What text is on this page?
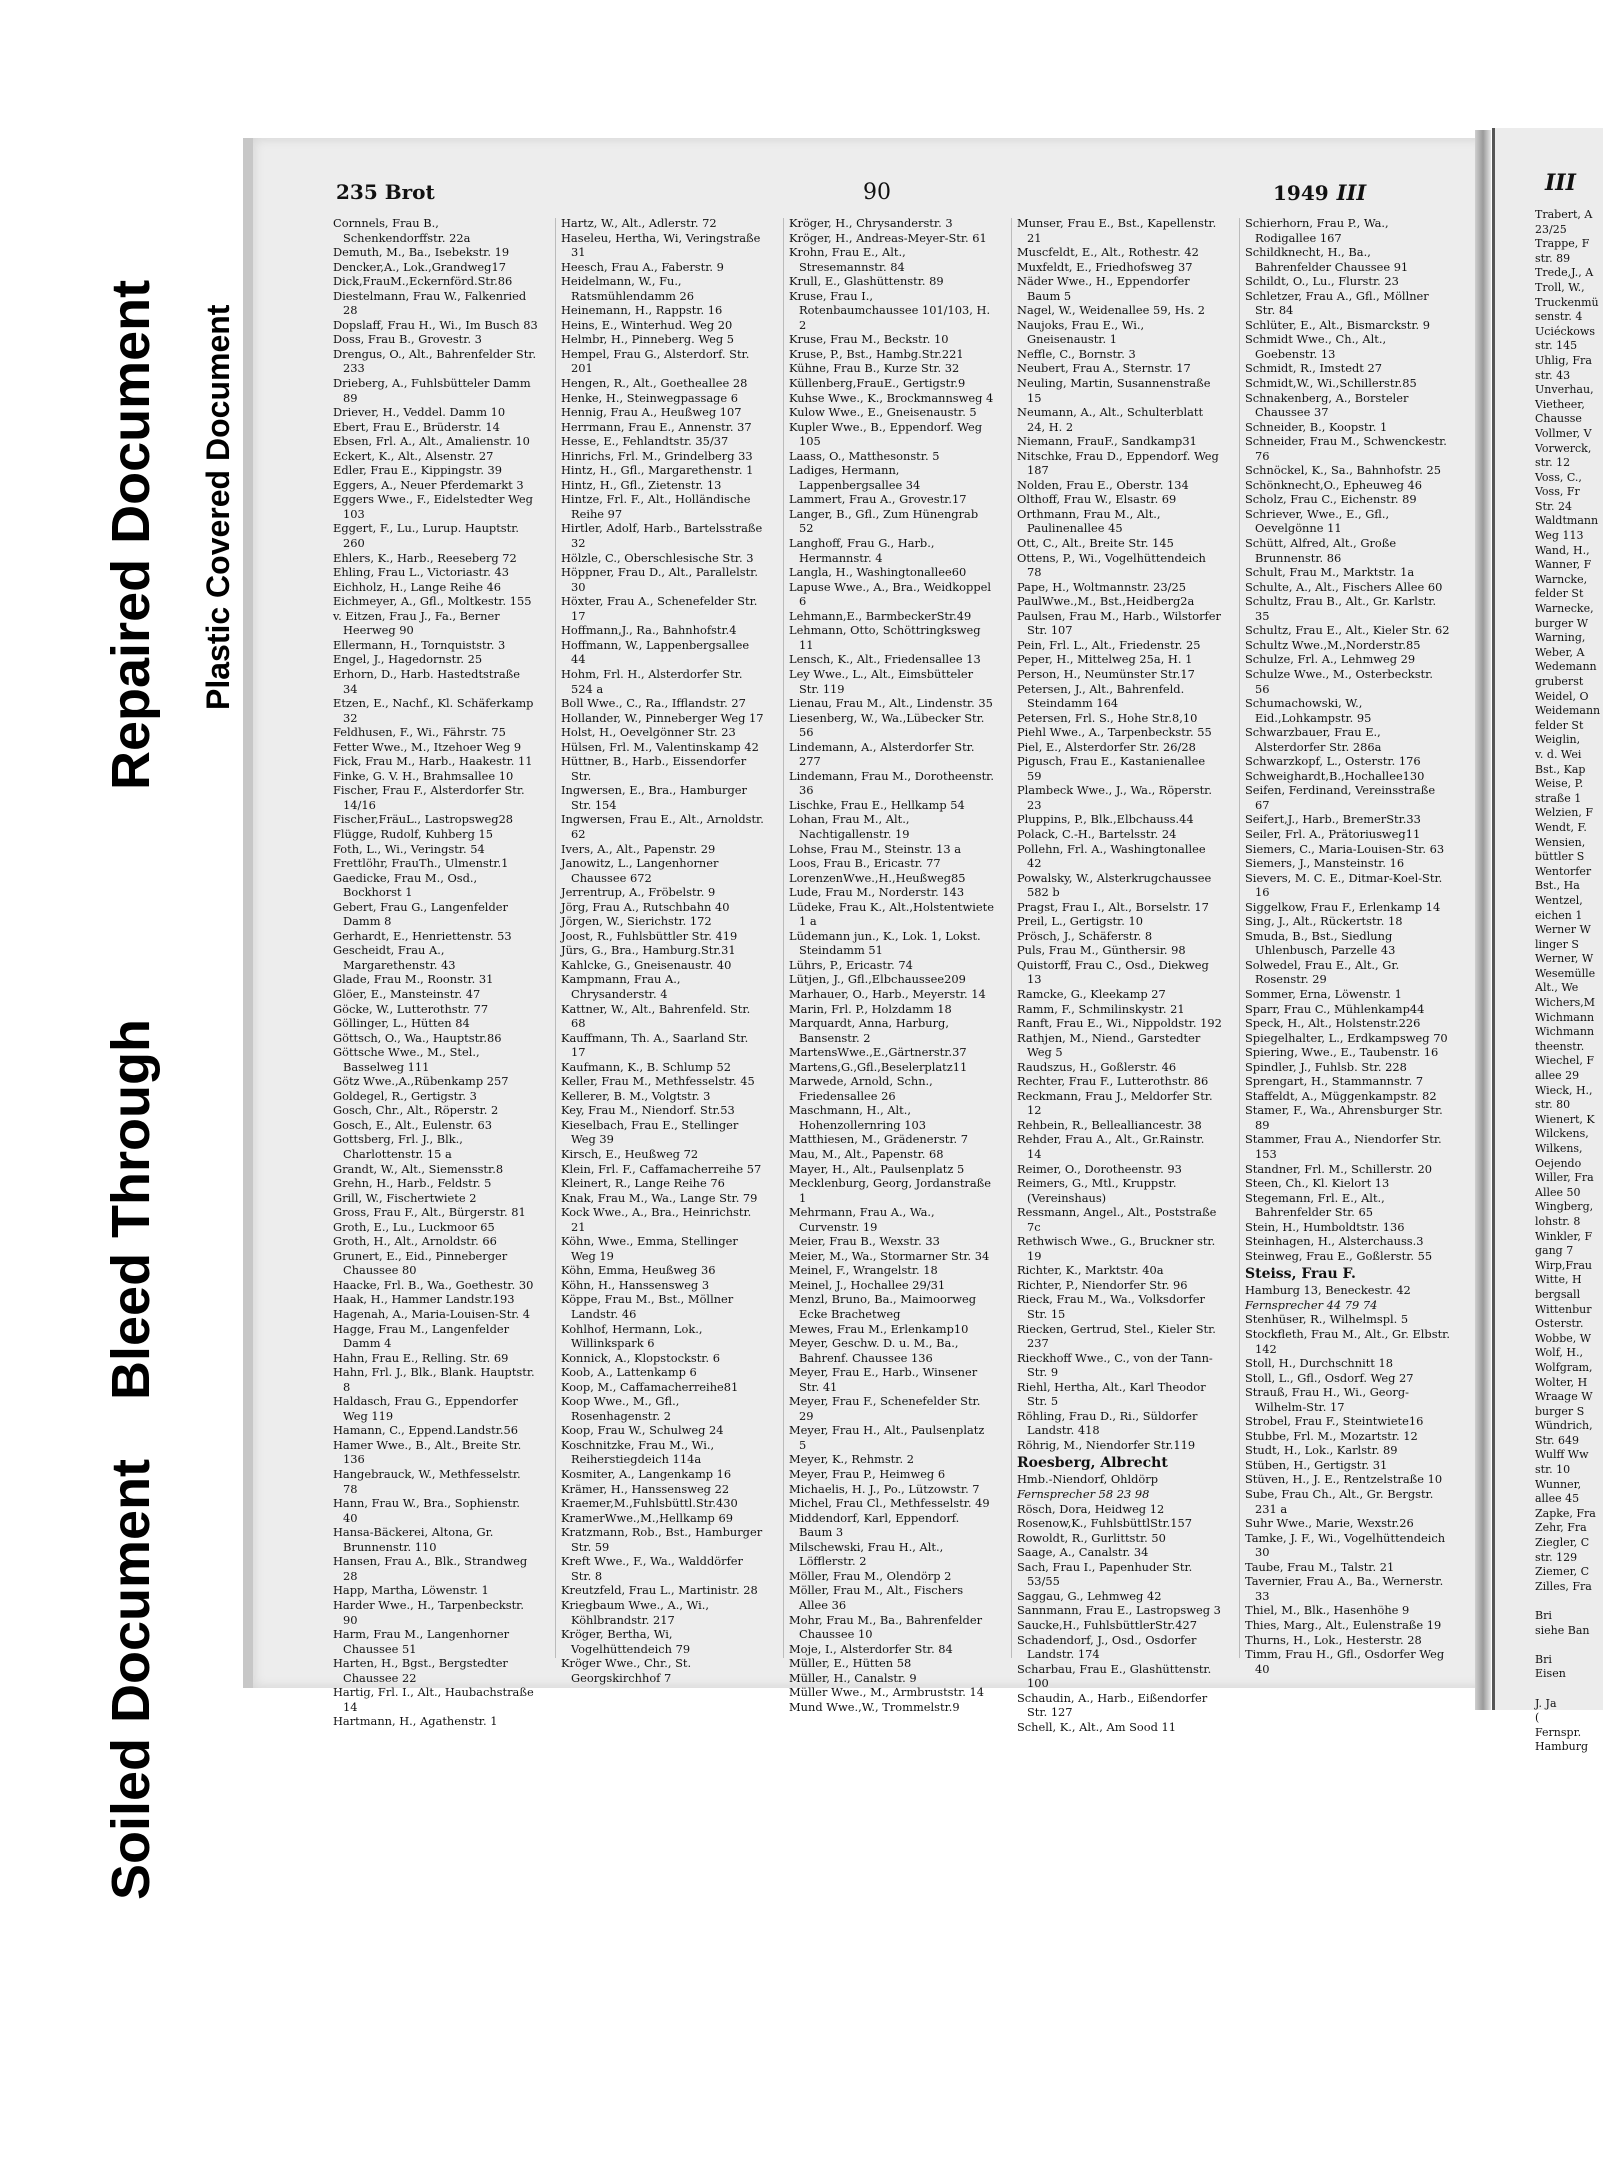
Bleed Through
Repaired Document Plastic Covered Document
Soiled Document
235 Brot	90	1949 III
Cornnels, Frau B., Schenkendorffstr. 22a
Demuth, M., Ba., Isebekstr. 19
Dencker,A., Lok.,Grandweg17
Dick,FrauM.,Eckernförd.Str.86
Diestelmann, Frau W., Falkenried 28
Dopslaff, Frau H., Wi., Im Busch 83
Doss, Frau B., Grovestr. 3
Drengus, O., Alt., Bahrenfelder Str. 233
Drieberg, A., Fuhlsbütteler Damm 89
Driever, H., Veddel. Damm 10
Ebert, Frau E., Brüderstr. 14
Ebsen, Frl. A., Alt., Amalienstr. 10
Eckert, K., Alt., Alsenstr. 27
Edler, Frau E., Kippingstr. 39
Eggers, A., Neuer Pferdemarkt 3
Eggers Wwe., F., Eidelstedter Weg 103
Eggert, F., Lu., Lurup. Hauptstr. 260
Ehlers, K., Harb., Reeseberg 72
Ehling, Frau L., Victoriastr. 43
Eichholz, H., Lange Reihe 46
Eichmeyer, A., Gfl., Moltkestr. 155
v. Eitzen, Frau J., Fa., Berner Heerweg 90
Ellermann, H., Tornquiststr. 3
Engel, J., Hagedornstr. 25
Erhorn, D., Harb. Hastedtstraße 34
Etzen, E., Nachf., Kl. Schäferkamp 32
Feldhusen, F., Wi., Fährstr. 75
Fetter Wwe., M., Itzehoer Weg 9
Fick, Frau M., Harb., Haakestr. 11
Finke, G. V. H., Brahmsallee 10
Fischer, Frau F., Alsterdorfer Str. 14/16
Fischer,FräuL., Lastropsweg28
Flügge, Rudolf, Kuhberg 15
Foth, L., Wi., Veringstr. 54
Frettlöhr, FrauTh., Ulmenstr.1
Gaedicke, Frau M., Osd., Bockhorst 1
Gebert, Frau G., Langenfelder Damm 8
Gerhardt, E., Henriettenstr. 53
Gescheidt, Frau A., Margarethenstr. 43
Glade, Frau M., Roonstr. 31
Glöer, E., Mansteinstr. 47
Göcke, W., Lutterothstr. 77
Göllinger, L., Hütten 84
Göttsch, O., Wa., Hauptstr.86
Göttsche Wwe., M., Stel., Basselweg 111
Götz Wwe.,A.,Rübenkamp 257
Goldegel, R., Gertigstr. 3
Gosch, Chr., Alt., Röperstr. 2
Gosch, E., Alt., Eulenstr. 63
Gottsberg, Frl. J., Blk., Charlottenstr. 15 a
Grandt, W., Alt., Siemensstr.8
Grehn, H., Harb., Feldstr. 5
Grill, W., Fischertwiete 2
Gross, Frau F., Alt., Bürgerstr. 81
Groth, E., Lu., Luckmoor 65
Groth, H., Alt., Arnoldstr. 66
Grunert, E., Eid., Pinneberger Chaussee 80
Haacke, Frl. B., Wa., Goethestr. 30
Haak, H., Hammer Landstr.193
Hagenah, A., Maria-Louisen-Str. 4
Hagge, Frau M., Langenfelder Damm 4
Hahn, Frau E., Relling. Str. 69
Hahn, Frl. J., Blk., Blank. Hauptstr. 8
Haldasch, Frau G., Eppendorfer Weg 119
Hamann, C., Eppend.Landstr.56
Hamer Wwe., B., Alt., Breite Str. 136
Hangebrauck, W., Methfesselstr. 78
Hann, Frau W., Bra., Sophienstr. 40
Hansa-Bäckerei, Altona, Gr. Brunnenstr. 110
Hansen, Frau A., Blk., Strandweg 28
Happ, Martha, Löwenstr. 1
Harder Wwe., H., Tarpenbeckstr. 90
Harm, Frau M., Langenhorner Chaussee 51
Harten, H., Bgst., Bergstedter Chaussee 22
Hartig, Frl. I., Alt., Haubachstraße 14
Hartmann, H., Agathenstr. 1
Hartz, W., Alt., Adlerstr. 72
Haseleu, Hertha, Wi, Veringstraße 31
Heesch, Frau A., Faberstr. 9
Heidelmann, W., Fu., Ratsmühlendamm 26
Heinemann, H., Rappstr. 16
Heins, E., Winterhud. Weg 20
Helmbr, H., Pinneberg. Weg 5
Hempel, Frau G., Alsterdorf. Str. 201
Hengen, R., Alt., Goetheallee 28
Henke, H., Steinwegpassage 6
Hennig, Frau A., Heußweg 107
Herrmann, Frau E., Annenstr. 37
Hesse, E., Fehlandtstr. 35/37
Hinrichs, Frl. M., Grindelberg 33
Hintz, H., Gfl., Margarethenstr. 1
Hintz, H., Gfl., Zietenstr. 13
Hintze, Frl. F., Alt., Holländische Reihe 97
Hirtler, Adolf, Harb., Bartelsstraße 32
Hölzle, C., Oberschlesische Str. 3
Höppner, Frau D., Alt., Parallelstr. 30
Höxter, Frau A., Schenefelder Str. 17
Hoffmann,J., Ra., Bahnhofstr.4
Hoffmann, W., Lappenbergsallee 44
Hohm, Frl. H., Alsterdorfer Str. 524 a
Boll Wwe., C., Ra., Ifflandstr. 27
Hollander, W., Pinneberger Weg 17
Holst, H., Oevelgönner Str. 23
Hülsen, Frl. M., Valentinskamp 42
Hüttner, B., Harb., Eissendorfer Str.
Ingwersen, E., Bra., Hamburger Str. 154
Ingwersen, Frau E., Alt., Arnoldstr. 62
Ivers, A., Alt., Papenstr. 29
Janowitz, L., Langenhorner Chaussee 672
Jerrentrup, A., Fröbelstr. 9
Jörg, Frau A., Rutschbahn 40
Jörgen, W., Sierichstr. 172
Joost, R., Fuhlsbüttler Str. 419
Jürs, G., Bra., Hamburg.Str.31
Kahlcke, G., Gneisenaustr. 40
Kampmann, Frau A., Chrysanderstr. 4
Kattner, W., Alt., Bahrenfeld. Str. 68
Kauffmann, Th. A., Saarland Str. 17
Kaufmann, K., B. Schlump 52
Keller, Frau M., Methfesselstr. 45
Kellerer, B. M., Volgtstr. 3
Key, Frau M., Niendorf. Str.53
Kieselbach, Frau E., Stellinger Weg 39
Kirsch, E., Heußweg 72
Klein, Frl. F., Caffamacherreihe 57
Kleinert, R., Lange Reihe 76
Knak, Frau M., Wa., Lange Str. 79
Kock Wwe., A., Bra., Heinrichstr. 21
Köhn, Wwe., Emma, Stellinger Weg 19
Köhn, Emma, Heußweg 36
Köhn, H., Hanssensweg 3
Köppe, Frau M., Bst., Möllner Landstr. 46
Kohlhof, Hermann, Lok., Willinkspark 6
Konnick, A., Klopstockstr. 6
Koob, A., Lattenkamp 6
Koop, M., Caffamacherreihe81
Koop Wwe., M., Gfl., Rosenhagenstr. 2
Koop, Frau W., Schulweg 24
Koschnitzke, Frau M., Wi., Reiherstiegdeich 114a
Kosmiter, A., Langenkamp 16
Krämer, H., Hanssensweg 22
Kraemer,M.,Fuhlsbüttl.Str.430
KramerWwe.,M.,Hellkamp 69
Kratzmann, Rob., Bst., Hamburger Str. 59
Kreft Wwe., F., Wa., Walddörfer Str. 8
Kreutzfeld, Frau L., Martinistr. 28
Kriegbaum Wwe., A., Wi., Köhlbrandstr. 217
Kröger, Bertha, Wi, Vogelhüttendeich 79
Kröger Wwe., Chr., St. Georgskirchhof 7
Kröger, H., Chrysanderstr. 3
Kröger, H., Andreas-Meyer-Str. 61
Krohn, Frau E., Alt., Stresemannstr. 84
Krull, E., Glashüttenstr. 89
Kruse, Frau I., Rotenbaumchaussee 101/103, H. 2
Kruse, Frau M., Beckstr. 10
Kruse, P., Bst., Hambg.Str.221
Kühne, Frau B., Kurze Str. 32
Küllenberg,FrauE., Gertigstr.9
Kuhse Wwe., K., Brockmannsweg 4
Kulow Wwe., E., Gneisenaustr. 5
Kupler Wwe., B., Eppendorf. Weg 105
Laass, O., Matthesonstr. 5
Ladiges, Hermann, Lappenbergsallee 34
Lammert, Frau A., Grovestr.17
Langer, B., Gfl., Zum Hünengrab 52
Langhoff, Frau G., Harb., Hermannstr. 4
Langla, H., Washingtonallee60
Lapuse Wwe., A., Bra., Weidkoppel 6
Lehmann,E., BarmbeckerStr.49
Lehmann, Otto, Schöttringksweg 11
Lensch, K., Alt., Friedensallee 13
Ley Wwe., L., Alt., Eimsbütteler Str. 119
Lienau, Frau M., Alt., Lindenstr. 35
Liesenberg, W., Wa.,Lübecker Str. 56
Lindemann, A., Alsterdorfer Str. 277
Lindemann, Frau M., Dorotheenstr. 36
Lischke, Frau E., Hellkamp 54
Lohan, Frau M., Alt., Nachtigallenstr. 19
Lohse, Frau M., Steinstr. 13 a
Loos, Frau B., Ericastr. 77
LorenzenWwe.,H.,Heußweg85
Lude, Frau M., Norderstr. 143
Lüdeke, Frau K., Alt.,Holstentwiete 1 a
Lüdemann jun., K., Lok. 1, Lokst. Steindamm 51
Lührs, P., Ericastr. 74
Lütjen, J., Gfl.,Elbchaussee209
Marhauer, O., Harb., Meyerstr. 14
Marin, Frl. P., Holzdamm 18
Marquardt, Anna, Harburg, Bansenstr. 2
MartensWwe.,E.,Gärtnerstr.37
Martens,G.,Gfl.,Beselerplatz11
Marwede, Arnold, Schn., Friedensallee 26
Maschmann, H., Alt., Hohenzollernring 103
Matthiesen, M., Grädenerstr. 7
Mau, M., Alt., Papenstr. 68
Mayer, H., Alt., Paulsenplatz 5
Mecklenburg, Georg, Jordanstraße 1
Mehrmann, Frau A., Wa., Curvenstr. 19
Meier, Frau B., Wexstr. 33
Meier, M., Wa., Stormarner Str. 34
Meinel, F., Wrangelstr. 18
Meinel, J., Hochallee 29/31
Menzl, Bruno, Ba., Maimoorweg Ecke Brachetweg
Mewes, Frau M., Erlenkamp10
Meyer, Geschw. D. u. M., Ba., Bahrenf. Chaussee 136
Meyer, Frau E., Harb., Winsener Str. 41
Meyer, Frau F., Schenefelder Str. 29
Meyer, Frau H., Alt., Paulsenplatz 5
Meyer, K., Rehmstr. 2
Meyer, Frau P., Heimweg 6
Michaelis, H. J., Po., Lützowstr. 7
Michel, Frau Cl., Methfesselstr. 49
Middendorf, Karl, Eppendorf. Baum 3
Milschewski, Frau H., Alt., Löfflerstr. 2
Möller, Frau M., Olendörp 2
Möller, Frau M., Alt., Fischers Allee 36
Mohr, Frau M., Ba., Bahrenfelder Chaussee 10
Moje, I., Alsterdorfer Str. 84
Müller, E., Hütten 58
Müller, H., Canalstr. 9
Müller Wwe., M., Armbruststr. 14
Mund Wwe.,W., Trommelstr.9
Munser, Frau E., Bst., Kapellenstr. 21
Muscfeldt, E., Alt., Rothestr. 42
Muxfeldt, E., Friedhofsweg 37
Näder Wwe., H., Eppendorfer Baum 5
Nagel, W., Weidenallee 59, Hs. 2
Naujoks, Frau E., Wi., Gneisenaustr. 1
Neffle, C., Bornstr. 3
Neubert, Frau A., Sternstr. 17
Neuling, Martin, Susannenstraße 15
Neumann, A., Alt., Schulterblatt 24, H. 2
Niemann, FrauF., Sandkamp31
Nitschke, Frau D., Eppendorf. Weg 187
Nolden, Frau E., Oberstr. 134
Olthoff, Frau W., Elsastr. 69
Orthmann, Frau M., Alt., Paulinenallee 45
Ott, C., Alt., Breite Str. 145
Ottens, P., Wi., Vogelhüttendeich 78
Pape, H., Woltmannstr. 23/25
PaulWwe.,M., Bst.,Heidberg2a
Paulsen, Frau M., Harb., Wilstorfer Str. 107
Pein, Frl. L., Alt., Friedenstr. 25
Peper, H., Mittelweg 25a, H. 1
Person, H., Neumünster Str.17
Petersen, J., Alt., Bahrenfeld. Steindamm 164
Petersen, Frl. S., Hohe Str.8,10
Piehl Wwe., A., Tarpenbeckstr. 55
Piel, E., Alsterdorfer Str. 26/28
Pigusch, Frau E., Kastanienallee 59
Plambeck Wwe., J., Wa., Röperstr. 23
Pluppins, P., Blk.,Elbchauss.44
Polack, C.-H., Bartelsstr. 24
Pollehn, Frl. A., Washingtonallee 42
Powalsky, W., Alsterkrugchaussee 582 b
Pragst, Frau I., Alt., Borselstr. 17
Preil, L., Gertigstr. 10
Prösch, J., Schäferstr. 8
Puls, Frau M., Günthersir. 98
Quistorff, Frau C., Osd., Diekweg 13
Ramcke, G., Kleekamp 27
Ramm, F., Schmilinskystr. 21
Ranft, Frau E., Wi., Nippoldstr. 192
Rathjen, M., Niend., Garstedter Weg 5
Raudszus, H., Goßlerstr. 46
Rechter, Frau F., Lutterothstr. 86
Reckmann, Frau J., Meldorfer Str. 12
Rehbein, R., Bellealliancestr. 38
Rehder, Frau A., Alt., Gr.Rainstr. 14
Reimer, O., Dorotheenstr. 93
Reimers, G., Mtl., Kruppstr. (Vereinshaus)
Ressmann, Angel., Alt., Poststraße 7c
Rethwisch Wwe., G., Bruckner str. 19
Richter, K., Marktstr. 40a
Richter, P., Niendorfer Str. 96
Rieck, Frau M., Wa., Volksdorfer Str. 15
Riecken, Gertrud, Stel., Kieler Str. 237
Rieckhoff Wwe., C., von der Tann-Str. 9
Riehl, Hertha, Alt., Karl Theodor Str. 5
Röhling, Frau D., Ri., Süldorfer Landstr. 418
Röhrig, M., Niendorfer Str.119
Roesberg, Albrecht
Hmb.-Niendorf, Ohldörp
Fernsprecher 58 23 98
Rösch, Dora, Heidweg 12
Rosenow,K., FuhlsbüttlStr.157
Rowoldt, R., Gurlittstr. 50
Saage, A., Canalstr. 34
Sach, Frau I., Papenhuder Str. 53/55
Saggau, G., Lehmweg 42
Sannmann, Frau E., Lastropsweg 3
Saucke,H., FuhlsbüttlerStr.427
Schadendorf, J., Osd., Osdorfer Landstr. 174
Scharbau, Frau E., Glashüttenstr. 100
Schaudin, A., Harb., Eißendorfer Str. 127
Schell, K., Alt., Am Sood 11
Schierhorn, Frau P., Wa., Rodigallee 167
Schildknecht, H., Ba., Bahrenfelder Chaussee 91
Schildt, O., Lu., Flurstr. 23
Schletzer, Frau A., Gfl., Möllner Str. 84
Schlüter, E., Alt., Bismarckstr. 9
Schmidt Wwe., Ch., Alt., Goebenstr. 13
Schmidt, R., Imstedt 27
Schmidt,W., Wi.,Schillerstr.85
Schnakenberg, A., Borsteler Chaussee 37
Schneider, B., Koopstr. 1
Schneider, Frau M., Schwenckestr. 76
Schnöckel, K., Sa., Bahnhofstr. 25
Schönknecht,O., Epheuweg 46
Scholz, Frau C., Eichenstr. 89
Schriever, Wwe., E., Gfl., Oevelgönne 11
Schütt, Alfred, Alt., Große Brunnenstr. 86
Schult, Frau M., Marktstr. 1a
Schulte, A., Alt., Fischers Allee 60
Schultz, Frau B., Alt., Gr. Karlstr. 35
Schultz, Frau E., Alt., Kieler Str. 62
Schultz Wwe.,M.,Norderstr.85
Schulze, Frl. A., Lehmweg 29
Schulze Wwe., M., Osterbeckstr. 56
Schumachowski, W., Eid.,Lohkampstr. 95
Schwarzbauer, Frau E., Alsterdorfer Str. 286a
Schwarzkopf, L., Osterstr. 176
Schweighardt,B.,Hochallee130
Seifen, Ferdinand, Vereinsstraße 67
Seifert,J., Harb., BremerStr.33
Seiler, Frl. A., Prätoriusweg11
Siemers, C., Maria-Louisen-Str. 63
Siemers, J., Mansteinstr. 16
Sievers, M. C. E., Ditmar-Koel-Str. 16
Siggelkow, Frau F., Erlenkamp 14
Sing, J., Alt., Rückertstr. 18
Smuda, B., Bst., Siedlung Uhlenbusch, Parzelle 43
Solwedel, Frau E., Alt., Gr. Rosenstr. 29
Sommer, Erna, Löwenstr. 1
Sparr, Frau C., Mühlenkamp44
Speck, H., Alt., Holstenstr.226
Spiegelhalter, L., Erdkampsweg 70
Spiering, Wwe., E., Taubenstr. 16
Spindler, J., Fuhlsb. Str. 228
Sprengart, H., Stammannstr. 7
Staffeldt, A., Müggenkampstr. 82
Stamer, F., Wa., Ahrensburger Str. 89
Stammer, Frau A., Niendorfer Str. 153
Standner, Frl. M., Schillerstr. 20
Steen, Ch., Kl. Kielort 13
Stegemann, Frl. E., Alt., Bahrenfelder Str. 65
Stein, H., Humboldtstr. 136
Steinhagen, H., Alsterchauss.3
Steinweg, Frau E., Goßlerstr. 55
Steiss, Frau F.
Hamburg 13, Beneckestr. 42
Fernsprecher 44 79 74
Stenhüser, R., Wilhelmspl. 5
Stockfleth, Frau M., Alt., Gr. Elbstr. 142
Stoll, H., Durchschnitt 18
Stoll, L., Gfl., Osdorf. Weg 27
Strauß, Frau H., Wi., Georg-Wilhelm-Str. 17
Strobel, Frau F., Steintwiete16
Stubbe, Frl. M., Mozartstr. 12
Studt, H., Lok., Karlstr. 89
Stüben, H., Gertigstr. 31
Stüven, H., J. E., Rentzelstraße 10
Sube, Frau Ch., Alt., Gr. Bergstr. 231 a
Suhr Wwe., Marie, Wexstr.26
Tamke, J. F., Wi., Vogelhüttendeich 30
Taube, Frau M., Talstr. 21
Tavernier, Frau A., Ba., Wernerstr. 33
Thiel, M., Blk., Hasenhöhe 9
Thies, Marg., Alt., Eulenstraße 19
Thurns, H., Lok., Hesterstr. 28
Timm, Frau H., Gfl., Osdorfer Weg 40
III
Trabert, A
23/25
Trappe, F
str. 89
Trede,J., A
Troll, W.,
Truckenmü
senstr. 4
Uciéckows
str. 145
Uhlig, Fra
str. 43
Unverhau,
Vietheer,
Chausse
Vollmer, V
Vorwerck,
str. 12
Voss, C.,
Voss, Fr
Str. 24
Waldtmann
Weg 113
Wand, H.,
Wanner, F
Warncke,
felder St
Warnecke,
burger W
Warning,
Weber, A
Wedemann
gruberst
Weidel, O
Weidemann
felder St
Weiglin,
v. d. Wei
Bst., Kap
Weise, P.
straße 1
Welzien, F
Wendt, F.
Wensien,
büttler S
Wentorfer
Bst., Ha
Wentzel,
eichen 1
Werner W
linger S
Werner, W
Wesemülle
Alt., We
Wichers,M
Wichmann
Wichmann
theenstr.
Wiechel, F
allee 29
Wieck, H.,
str. 80
Wienert, K
Wilckens,
Wilkens,
Oejendo
Willer, Fra
Allee 50
Wingberg,
lohstr. 8
Winkler, F
gang 7
Wirp,Frau
Witte, H
bergsall
Wittenbur
Osterstr.
Wobbe, W
Wolf, H.,
Wolfgram,
Wolter, H
Wraage W
burger S
Wündrich,
Str. 649
Wulff Ww
str. 10
Wunner,
allee 45
Zapke, Fra
Zehr, Fra
Ziegler, C
str. 129
Ziemer, C
Zilles, Fra

Bri
siehe Ban

Bri
Eisen

J. Ja
(
Fernspr.
Hamburg
